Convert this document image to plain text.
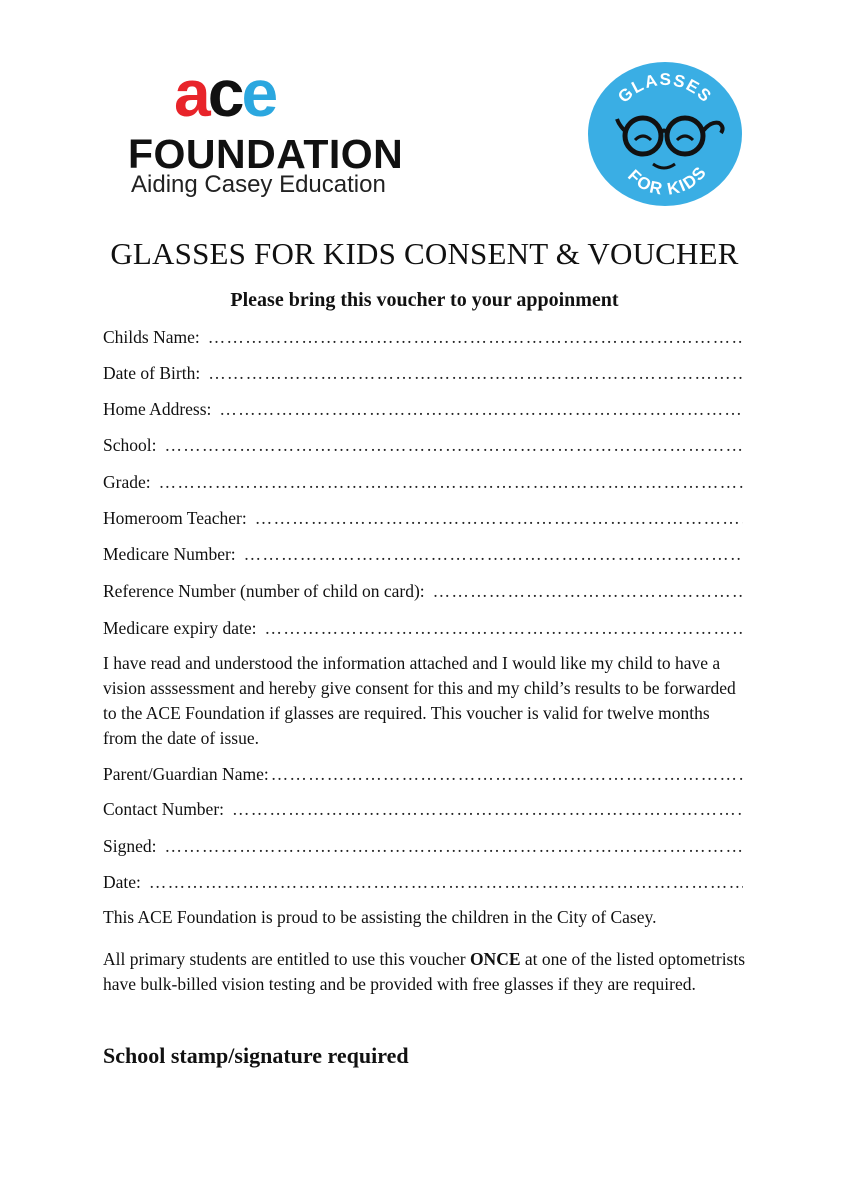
ace
FOUNDATION
Aiding Casey Education
GLASSES
FOR KIDS
GLASSES FOR KIDS CONSENT & VOUCHER
Please bring this voucher to your appoinment
Childs Name:
……………………………………………………………………………………………………………………………………………………………………………
Date of Birth:
……………………………………………………………………………………………………………………………………………………………………………
Home Address:
……………………………………………………………………………………………………………………………………………………………………………
School:
……………………………………………………………………………………………………………………………………………………………………………
Grade:
……………………………………………………………………………………………………………………………………………………………………………
Homeroom Teacher:
……………………………………………………………………………………………………………………………………………………………………………
Medicare Number:
……………………………………………………………………………………………………………………………………………………………………………
Reference Number (number of child on card):
……………………………………………………………………………………………………………………………………………………………………………
Medicare expiry date:
……………………………………………………………………………………………………………………………………………………………………………
I have read and understood the information attached and I would like my child to have a vision asssessment and hereby give consent for this and my child’s results to be forwarded to the ACE Foundation if glasses are required. This voucher is valid for twelve months from the date of issue.
Parent/Guardian Name:
……………………………………………………………………………………………………………………………………………………………………………
Contact Number:
……………………………………………………………………………………………………………………………………………………………………………
Signed:
……………………………………………………………………………………………………………………………………………………………………………
Date:
……………………………………………………………………………………………………………………………………………………………………………
This ACE Foundation is proud to be assisting the children in the City of Casey.
All primary students are entitled to use this voucher ONCE at one of the listed optometrists have bulk-billed vision testing and be provided with free glasses if they are required.
School stamp/signature required
